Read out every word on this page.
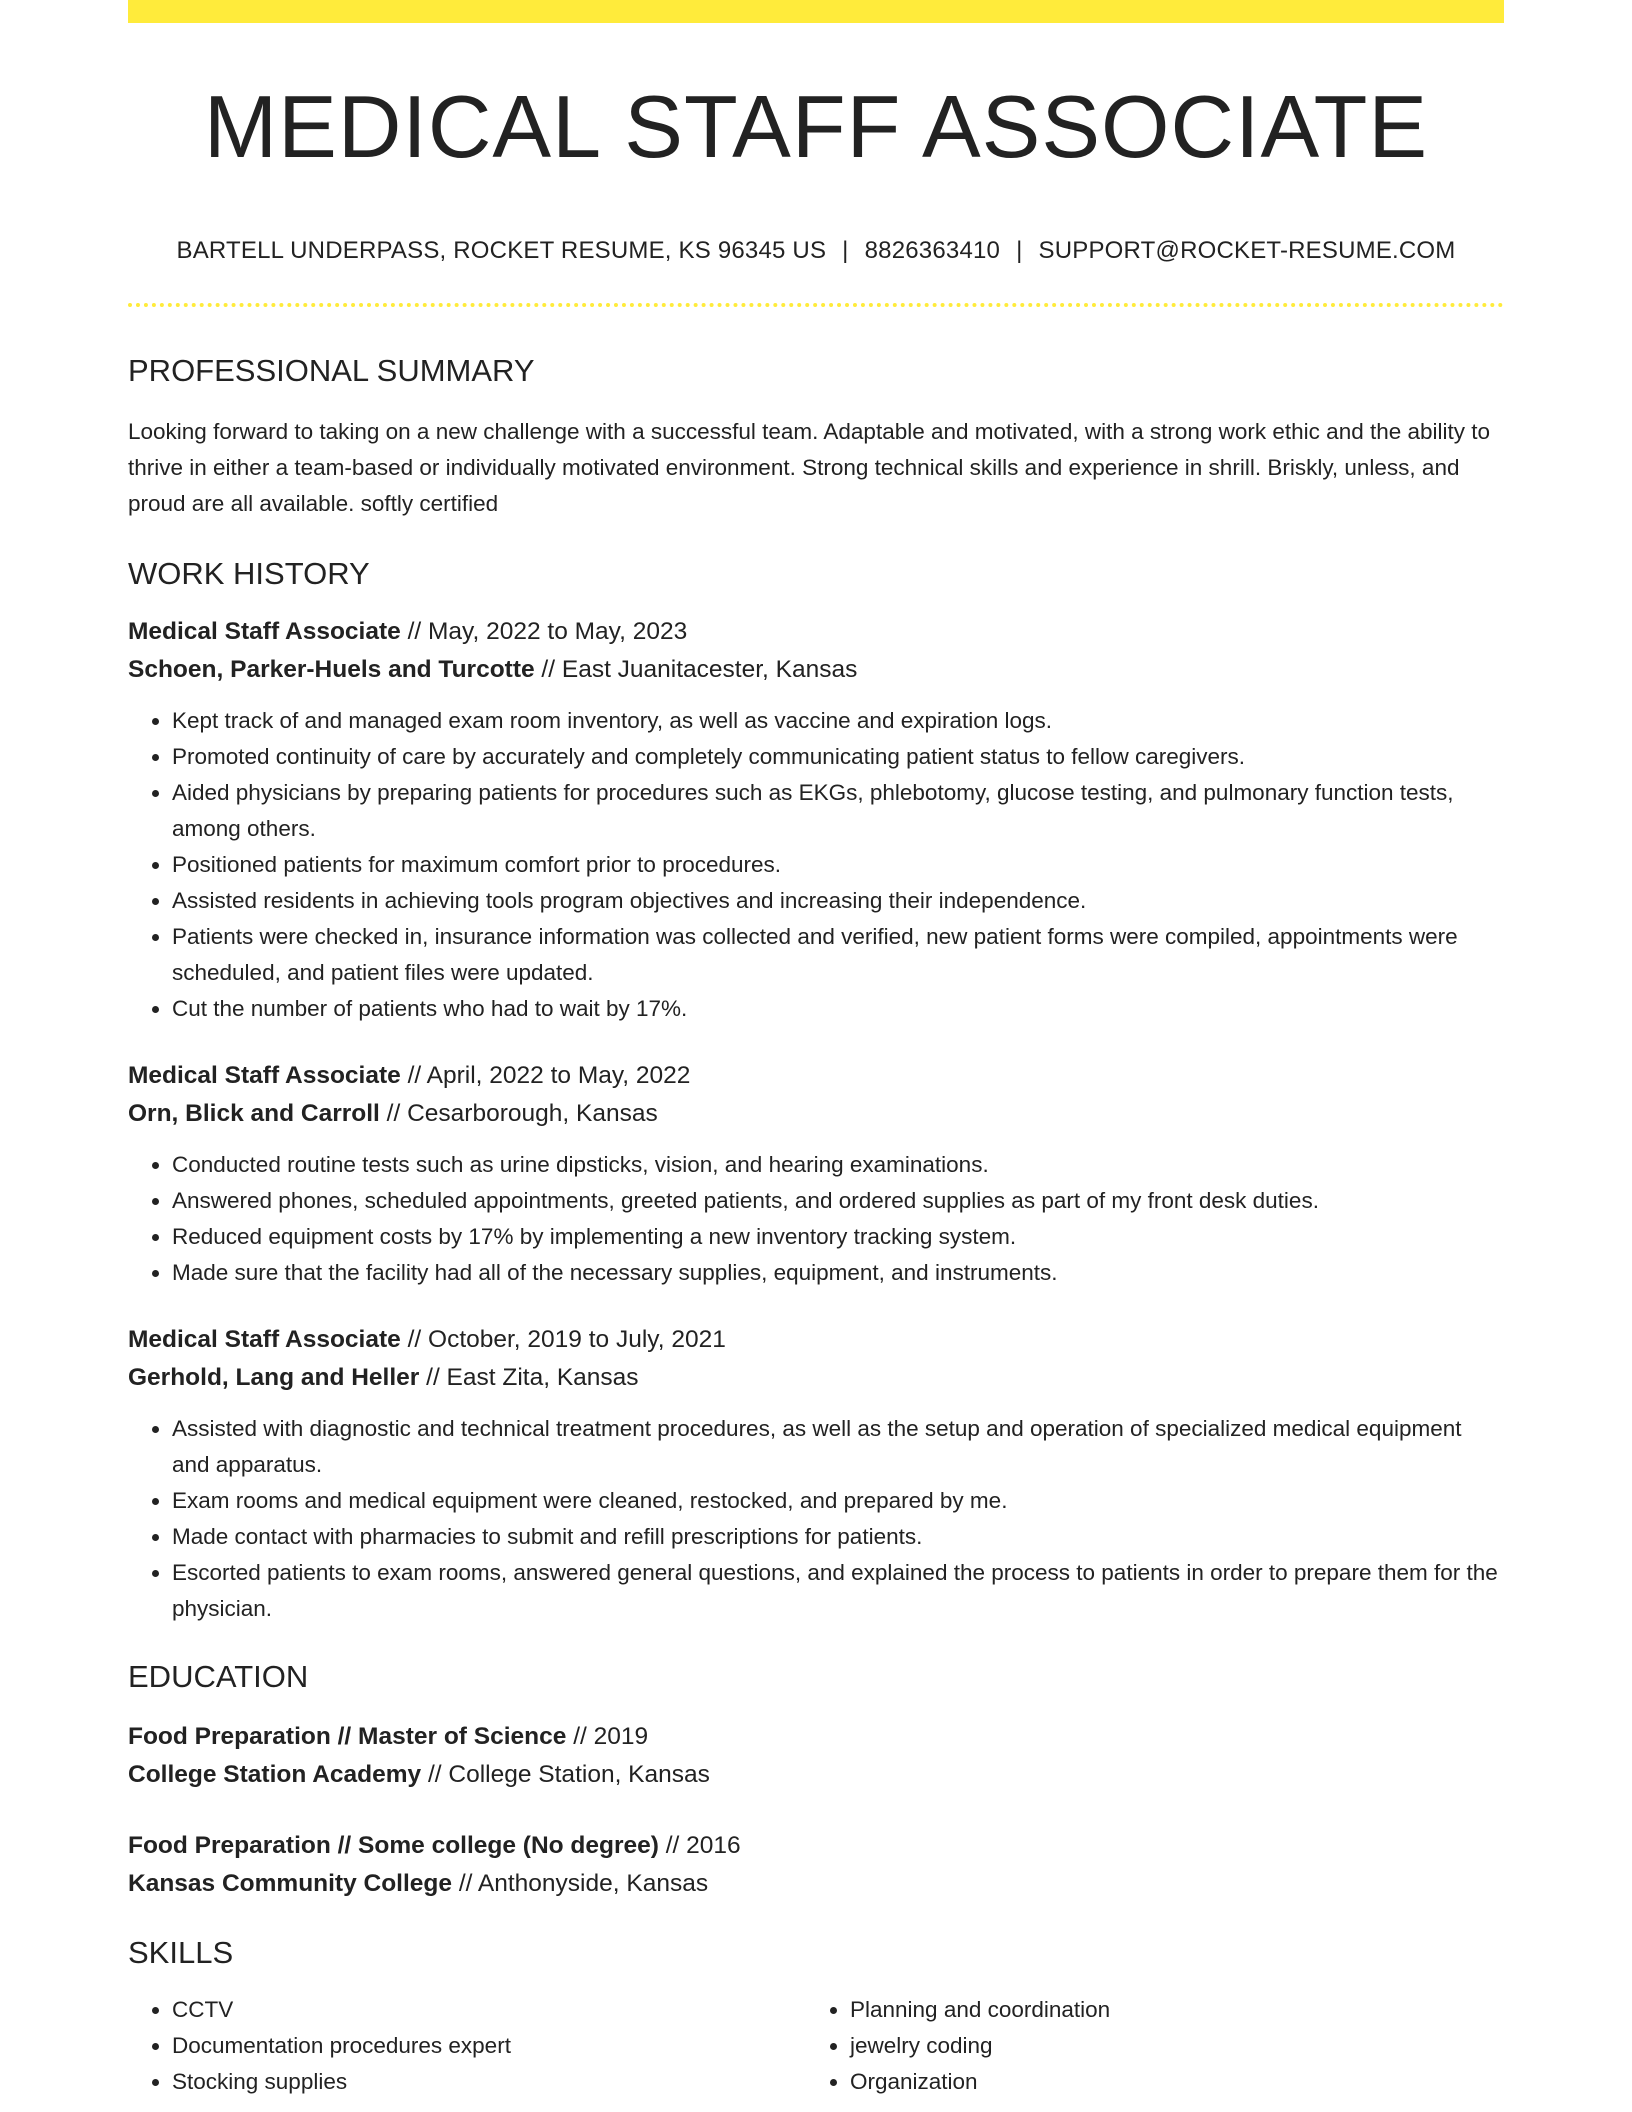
MEDICAL STAFF ASSOCIATE
BARTELL UNDERPASS, ROCKET RESUME, KS 96345 US | 8826363410 | SUPPORT@ROCKET-RESUME.COM
PROFESSIONAL SUMMARY

Looking forward to taking on a new challenge with a successful team. Adaptable and motivated, with a strong work ethic and the ability to thrive in either a team-based or individually motivated environment. Strong technical skills and experience in shrill. Briskly, unless, and proud are all available. softly certified

WORK HISTORY
Medical Staff Associate // May, 2022 to May, 2023
Schoen, Parker-Huels and Turcotte // East Juanitacester, Kansas
• Kept track of and managed exam room inventory, as well as vaccine and expiration logs.
• Promoted continuity of care by accurately and completely communicating patient status to fellow caregivers.
• Aided physicians by preparing patients for procedures such as EKGs, phlebotomy, glucose testing, and pulmonary function tests, among others.
• Positioned patients for maximum comfort prior to procedures.
• Assisted residents in achieving tools program objectives and increasing their independence.
• Patients were checked in, insurance information was collected and verified, new patient forms were compiled, appointments were scheduled, and patient files were updated.
• Cut the number of patients who had to wait by 17%.
Medical Staff Associate // April, 2022 to May, 2022
Orn, Blick and Carroll // Cesarborough, Kansas
• Conducted routine tests such as urine dipsticks, vision, and hearing examinations.
• Answered phones, scheduled appointments, greeted patients, and ordered supplies as part of my front desk duties.
• Reduced equipment costs by 17% by implementing a new inventory tracking system.
• Made sure that the facility had all of the necessary supplies, equipment, and instruments.
Medical Staff Associate // October, 2019 to July, 2021
Gerhold, Lang and Heller // East Zita, Kansas
• Assisted with diagnostic and technical treatment procedures, as well as the setup and operation of specialized medical equipment and apparatus.
• Exam rooms and medical equipment were cleaned, restocked, and prepared by me.
• Made contact with pharmacies to submit and refill prescriptions for patients.
• Escorted patients to exam rooms, answered general questions, and explained the process to patients in order to prepare them for the physician.
EDUCATION
Food Preparation // Master of Science // 2019
College Station Academy // College Station, Kansas
Food Preparation // Some college (No degree) // 2016
Kansas Community College // Anthonyside, Kansas
SKILLS
• CCTV
• Documentation procedures expert
• Stocking supplies
• Planning and coordination
• jewelry coding
• Organization
